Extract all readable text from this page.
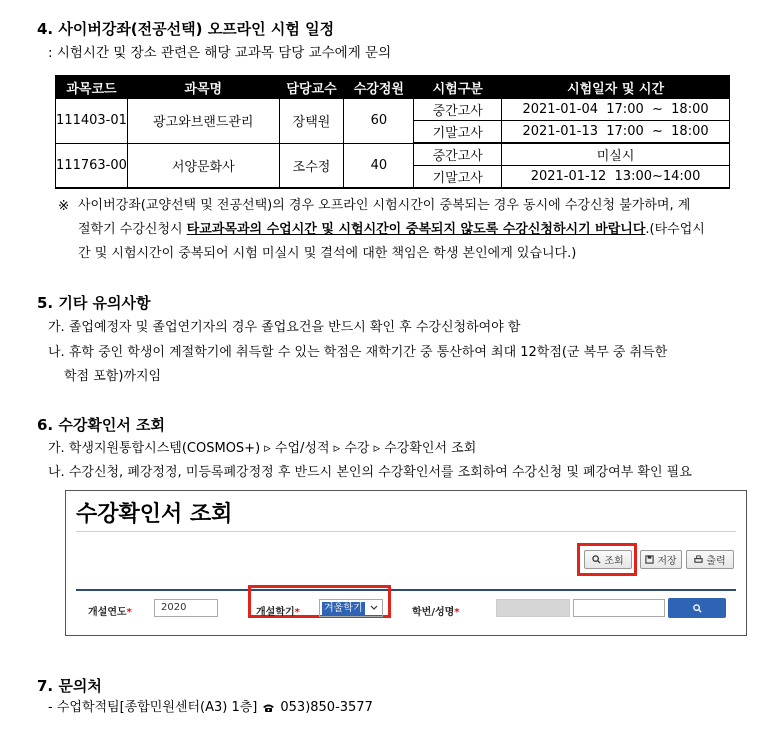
4. 사이버강좌(전공선택) 오프라인 시험 일정
: 시험시간 및 장소 관련은 해당 교과목 담당 교수에게 문의
과목코드	과목명	담당교수	수강정원	시험구분	시험일자 및 시간
111403-01	광고와브랜드관리	장택원	60	중간고사	2021-01-04  17:00  ~  18:00
				기말고사	2021-01-13  17:00  ~  18:00
111763-00	서양문화사	조수정	40	중간고사	미실시
				기말고사	2021-01-12  13:00~14:00
※ 사이버강좌(교양선택 및 전공선택)의 경우 오프라인 시험시간이 중복되는 경우 동시에 수강신청 불가하며, 계
절학기 수강신청시 타교과목과의 수업시간 및 시험시간이 중복되지 않도록 수강신청하시기 바랍니다.(타수업시
간 및 시험시간이 중복되어 시험 미실시 및 결석에 대한 책임은 학생 본인에게 있습니다.)
5. 기타 유의사항
가. 졸업예정자 및 졸업연기자의 경우 졸업요건을 반드시 확인 후 수강신청하여야 함
나. 휴학 중인 학생이 계절학기에 취득할 수 있는 학점은 재학기간 중 통산하여 최대 12학점(군 복무 중 취득한
학점 포함)까지임
6. 수강확인서 조회
가. 학생지원통합시스템(COSMOS+) ▹ 수업/성적 ▹ 수강 ▹ 수강확인서 조회
나. 수강신청, 폐강정정, 미등록폐강정정 후 반드시 본인의 수강확인서를 조회하여 수강신청 및 폐강여부 확인 필요
수강확인서 조회
조회	저장	출력
개설연도*	2020	개설학기* 겨울학기	학번/성명*
7. 문의처
- 수업학적팀[종합민원센터(A3) 1층] 053)850-3577
